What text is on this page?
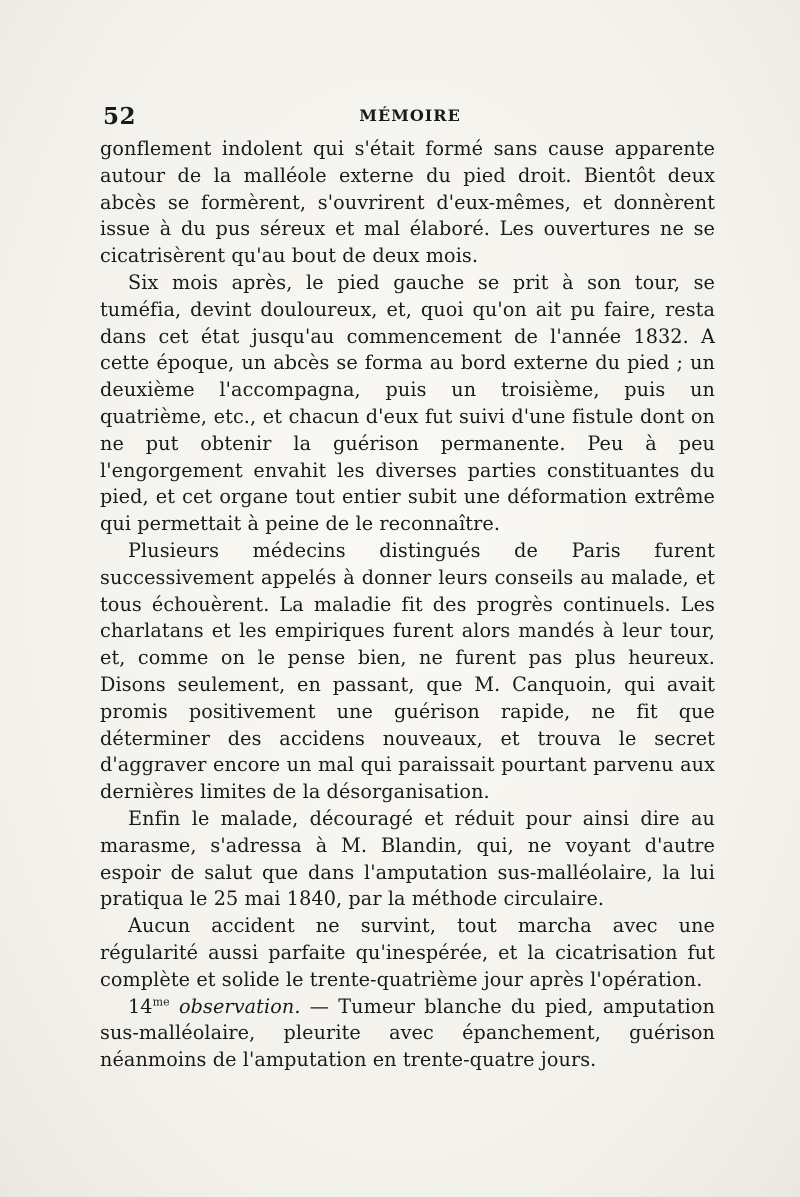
52	MÉMOIRE

gonflement indolent qui s'était formé sans cause apparente autour de la malléole externe du pied droit. Bientôt deux abcès se formèrent, s'ouvrirent d'eux-mêmes, et donnèrent issue à du pus séreux et mal élaboré. Les ouvertures ne se cicatrisèrent qu'au bout de deux mois.

Six mois après, le pied gauche se prit à son tour, se tuméfia, devint douloureux, et, quoi qu'on ait pu faire, resta dans cet état jusqu'au commencement de l'année 1832. A cette époque, un abcès se forma au bord externe du pied ; un deuxième l'accompagna, puis un troisième, puis un quatrième, etc., et chacun d'eux fut suivi d'une fistule dont on ne put obtenir la guérison permanente. Peu à peu l'engorgement envahit les diverses parties constituantes du pied, et cet organe tout entier subit une déformation extrême qui permettait à peine de le reconnaître.

Plusieurs médecins distingués de Paris furent successivement appelés à donner leurs conseils au malade, et tous échouèrent. La maladie fit des progrès continuels. Les charlatans et les empiriques furent alors mandés à leur tour, et, comme on le pense bien, ne furent pas plus heureux. Disons seulement, en passant, que M. Canquoin, qui avait promis positivement une guérison rapide, ne fit que déterminer des accidens nouveaux, et trouva le secret d'aggraver encore un mal qui paraissait pourtant parvenu aux dernières limites de la désorganisation.

Enfin le malade, découragé et réduit pour ainsi dire au marasme, s'adressa à M. Blandin, qui, ne voyant d'autre espoir de salut que dans l'amputation sus-malléolaire, la lui pratiqua le 25 mai 1840, par la méthode circulaire.

Aucun accident ne survint, tout marcha avec une régularité aussi parfaite qu'inespérée, et la cicatrisation fut complète et solide le trente-quatrième jour après l'opération.

$14^{me}$ observation. — Tumeur blanche du pied, amputation sus-malléolaire, pleurite avec épanchement, guérison néanmoins de l'amputation en trente-quatre jours.
